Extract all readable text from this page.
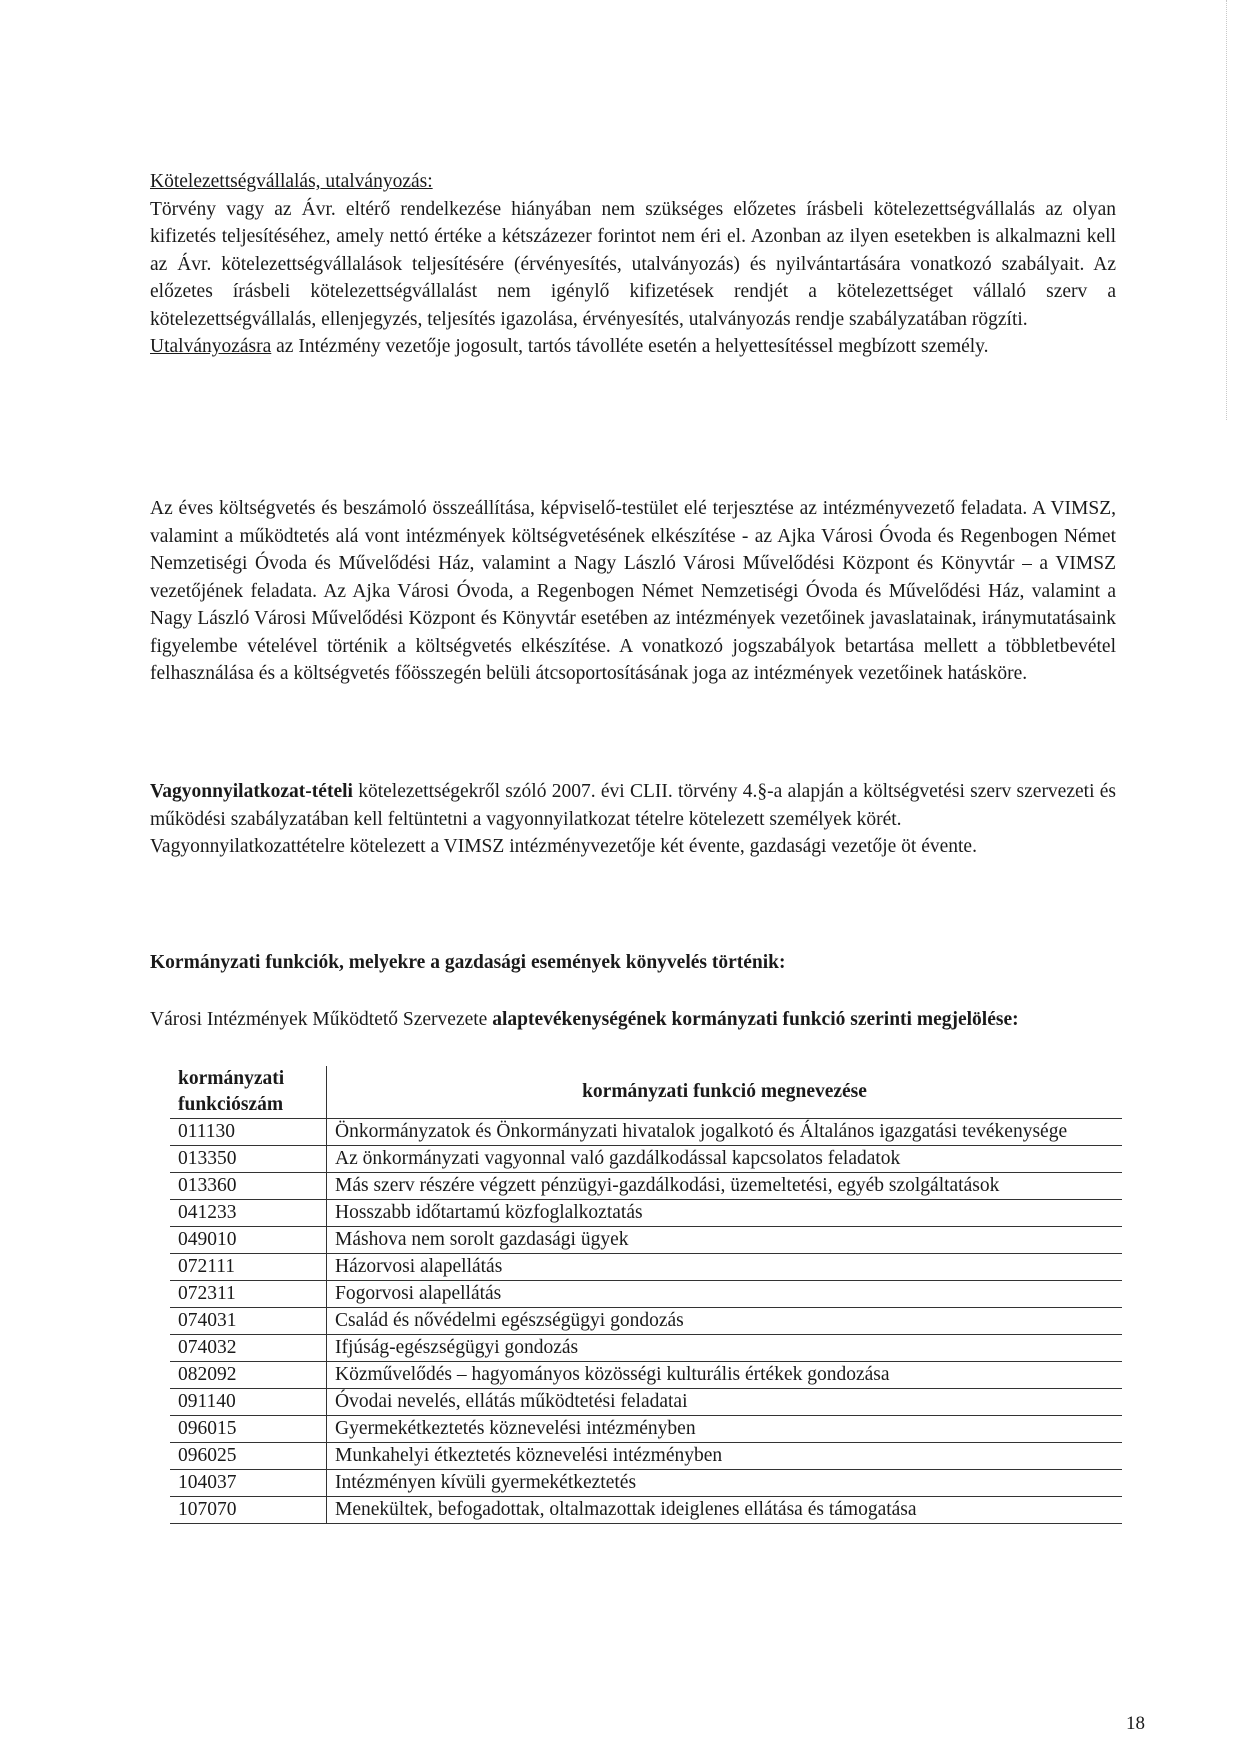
Kötelezettségvállalás, utalványozás:
Törvény vagy az Ávr. eltérő rendelkezése hiányában nem szükséges előzetes írásbeli kötelezettségvállalás az olyan kifizetés teljesítéséhez, amely nettó értéke a kétszázezer forintot nem éri el. Azonban az ilyen esetekben is alkalmazni kell az Ávr. kötelezettségvállalások teljesítésére (érvényesítés, utalványozás) és nyilvántartására vonatkozó szabályait. Az előzetes írásbeli kötelezettségvállalást nem igénylő kifizetések rendjét a kötelezettséget vállaló szerv a kötelezettségvállalás, ellenjegyzés, teljesítés igazolása, érvényesítés, utalványozás rendje szabályzatában rögzíti.
Utalványozásra az Intézmény vezetője jogosult, tartós távolléte esetén a helyettesítéssel megbízott személy.
Az éves költségvetés és beszámoló összeállítása, képviselő-testület elé terjesztése az intézményvezető feladata. A VIMSZ, valamint a működtetés alá vont intézmények költségvetésének elkészítése - az Ajka Városi Óvoda és Regenbogen Német Nemzetiségi Óvoda és Művelődési Ház, valamint a Nagy László Városi Művelődési Központ és Könyvtár – a VIMSZ vezetőjének feladata. Az Ajka Városi Óvoda, a Regenbogen Német Nemzetiségi Óvoda és Művelődési Ház, valamint a Nagy László Városi Művelődési Központ és Könyvtár esetében az intézmények vezetőinek javaslatainak, iránymutatásaink figyelembe vételével történik a költségvetés elkészítése. A vonatkozó jogszabályok betartása mellett a többletbevétel felhasználása és a költségvetés főösszegén belüli átcsoportosításának joga az intézmények vezetőinek hatásköre.
Vagyonnyilatkozat-tételi kötelezettségekről szóló 2007. évi CLII. törvény 4.§-a alapján a költségvetési szerv szervezeti és működési szabályzatában kell feltüntetni a vagyonnyilatkozat tételre kötelezett személyek körét.
Vagyonnyilatkozattételre kötelezett a VIMSZ intézményvezetője két évente, gazdasági vezetője öt évente.
Kormányzati funkciók, melyekre a gazdasági események könyvelés történik:
Városi Intézmények Működtető Szervezete alaptevékenységének kormányzati funkció szerinti megjelölése:
kormányzati funkciószám	kormányzati funkció megnevezése
011130	Önkormányzatok és Önkormányzati hivatalok jogalkotó és Általános igazgatási tevékenysége
013350	Az önkormányzati vagyonnal való gazdálkodással kapcsolatos feladatok
013360	Más szerv részére végzett pénzügyi-gazdálkodási, üzemeltetési, egyéb szolgáltatások
041233	Hosszabb időtartamú közfoglalkoztatás
049010	Máshova nem sorolt gazdasági ügyek
072111	Házorvosi alapellátás
072311	Fogorvosi alapellátás
074031	Család és nővédelmi egészségügyi gondozás
074032	Ifjúság-egészségügyi gondozás
082092	Közművelődés – hagyományos közösségi kulturális értékek gondozása
091140	Óvodai nevelés, ellátás működtetési feladatai
096015	Gyermekétkeztetés köznevelési intézményben
096025	Munkahelyi étkeztetés köznevelési intézményben
104037	Intézményen kívüli gyermekétkeztetés
107070	Menekültek, befogadottak, oltalmazottak ideiglenes ellátása és támogatása
18
